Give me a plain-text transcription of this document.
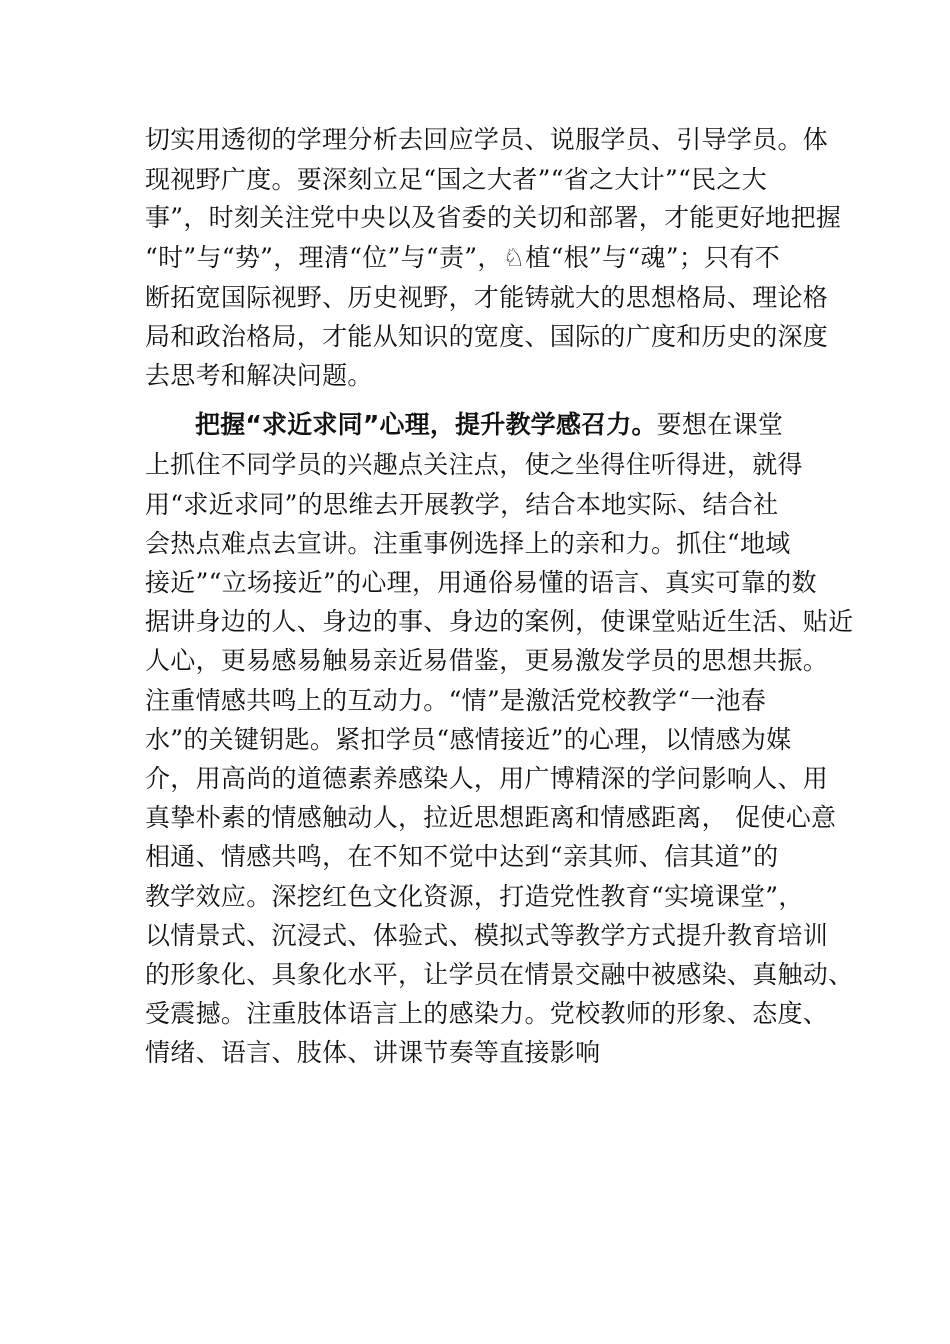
切实用透彻的学理分析去回应学员、说服学员、引导学员。体
现视野广度。要深刻立足“国之大者”“省之大计”“民之大
事”，时刻关注党中央以及省委的关切和部署，才能更好地把握
“时”与“势”，理清“位”与“责”，♘植“根”与“魂”；只有不
断拓宽国际视野、历史视野，才能铸就大的思想格局、理论格
局和政治格局，才能从知识的宽度、国际的广度和历史的深度
去思考和解决问题。
把握“求近求同”心理，提升教学感召力。要想在课堂
上抓住不同学员的兴趣点关注点，使之坐得住听得进，就得
用“求近求同”的思维去开展教学，结合本地实际、结合社
会热点难点去宣讲。注重事例选择上的亲和力。抓住“地域
接近”“立场接近”的心理，用通俗易懂的语言、真实可靠的数
据讲身边的人、身边的事、身边的案例，使课堂贴近生活、贴近
人心，更易感易触易亲近易借鉴，更易激发学员的思想共振。
注重情感共鸣上的互动力。“情”是激活党校教学“一池春
水”的关键钥匙。紧扣学员“感情接近”的心理，以情感为媒
介，用高尚的道德素养感染人，用广博精深的学问影响人、用
真挚朴素的情感触动人，拉近思想距离和情感距离， 促使心意
相通、情感共鸣，在不知不觉中达到“亲其师、信其道”的
教学效应。深挖红色文化资源，打造党性教育“实境课堂”，
以情景式、沉浸式、体验式、模拟式等教学方式提升教育培训
的形象化、具象化水平，让学员在情景交融中被感染、真触动、
受震撼。注重肢体语言上的感染力。党校教师的形象、态度、
情绪、语言、肢体、讲课节奏等直接影响
